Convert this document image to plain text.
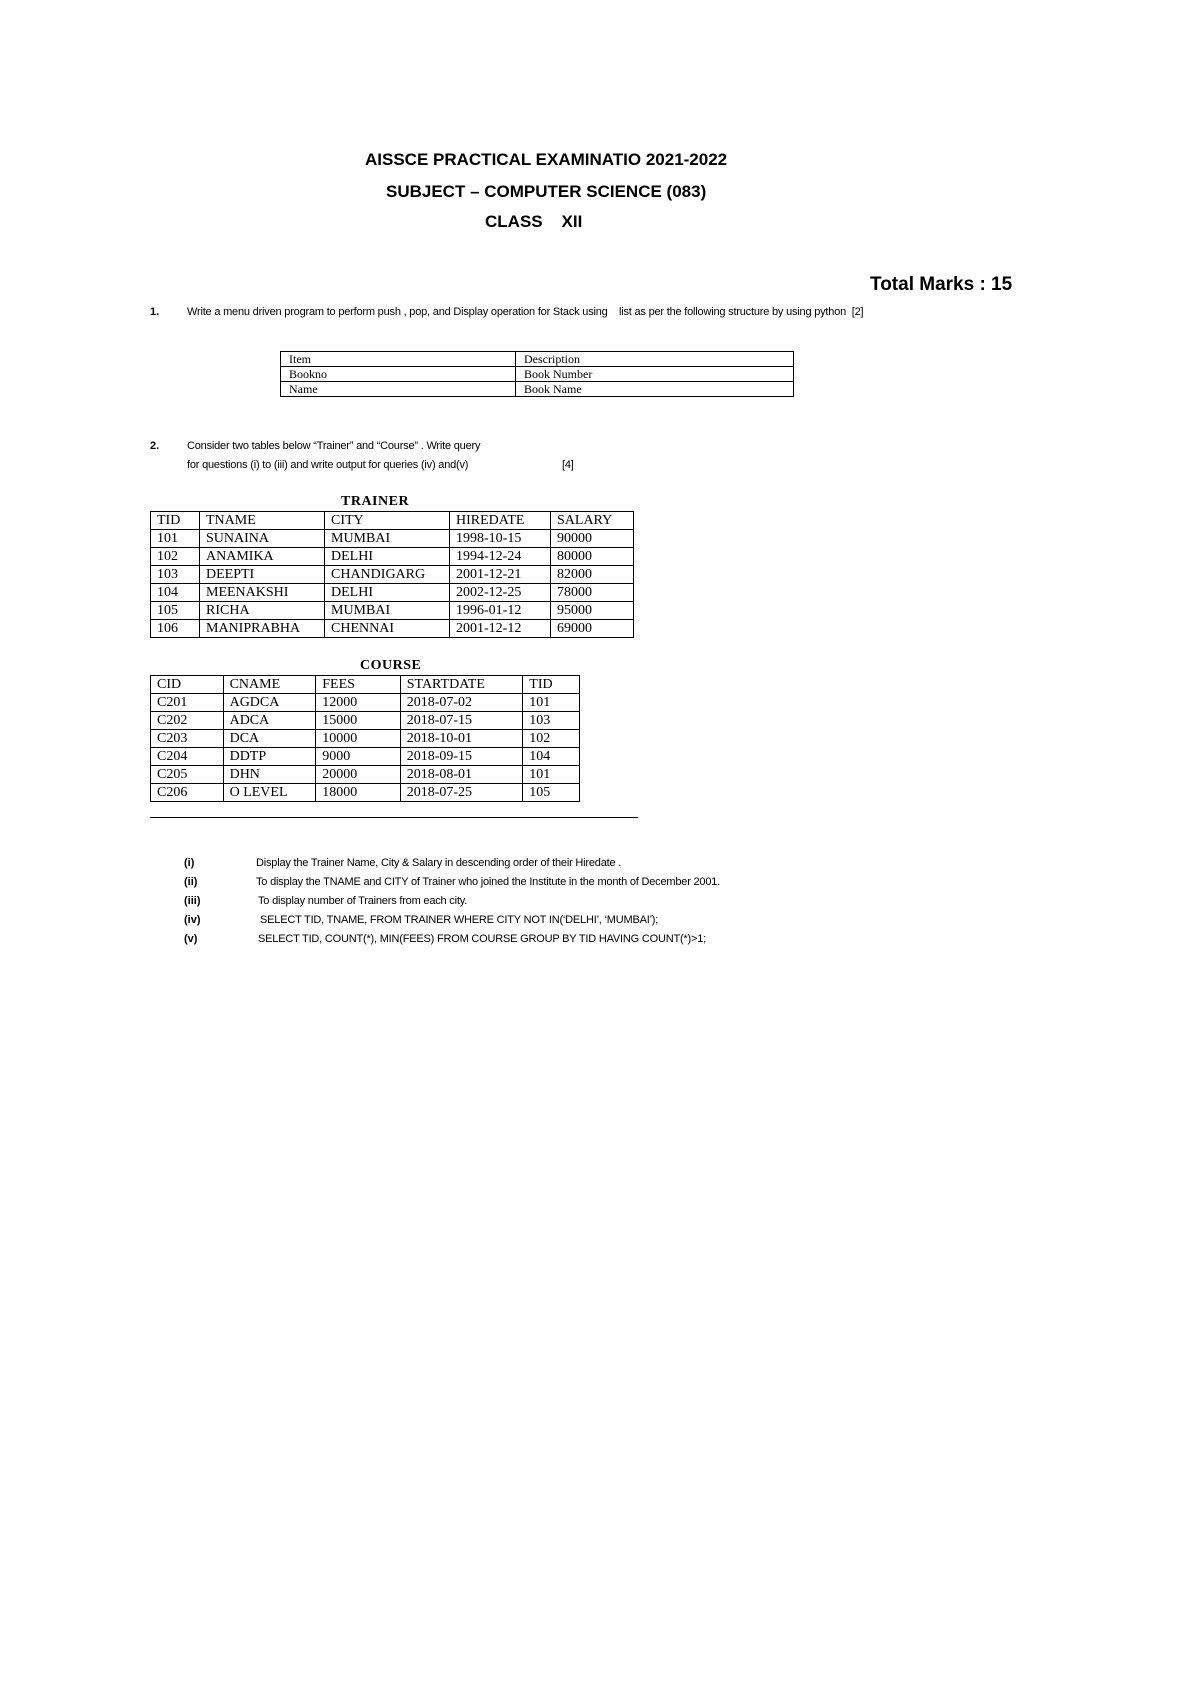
AISSCE PRACTICAL EXAMINATIO 2021-2022
SUBJECT – COMPUTER SCIENCE (083)
CLASS    XII
Total Marks : 15
1.	Write a menu driven program to perform push , pop, and Display operation for Stack using    list as per the following structure by using python  [2]
Item	Description
Bookno	Book Number
Name	Book Name
2.	Consider two tables below “Trainer” and “Course” . Write query
for questions (i) to (iii) and write output for queries (iv) and(v)	[4]
TRAINER
TID	TNAME	CITY	HIREDATE	SALARY
101	SUNAINA	MUMBAI	1998-10-15	90000
102	ANAMIKA	DELHI	1994-12-24	80000
103	DEEPTI	CHANDIGARG	2001-12-21	82000
104	MEENAKSHI	DELHI	2002-12-25	78000
105	RICHA	MUMBAI	1996-01-12	95000
106	MANIPRABHA	CHENNAI	2001-12-12	69000
COURSE
CID	CNAME	FEES	STARTDATE	TID
C201	AGDCA	12000	2018-07-02	101
C202	ADCA	15000	2018-07-15	103
C203	DCA	10000	2018-10-01	102
C204	DDTP	9000	2018-09-15	104
C205	DHN	20000	2018-08-01	101
C206	O LEVEL	18000	2018-07-25	105
(i)	Display the Trainer Name, City & Salary in descending order of their Hiredate .
(ii)	To display the TNAME and CITY of Trainer who joined the Institute in the month of December 2001.
(iii)	To display number of Trainers from each city.
(iv)	SELECT TID, TNAME, FROM TRAINER WHERE CITY NOT IN(‘DELHI’, ‘MUMBAI’);
(v)	SELECT TID, COUNT(*), MIN(FEES) FROM COURSE GROUP BY TID HAVING COUNT(*)>1;
